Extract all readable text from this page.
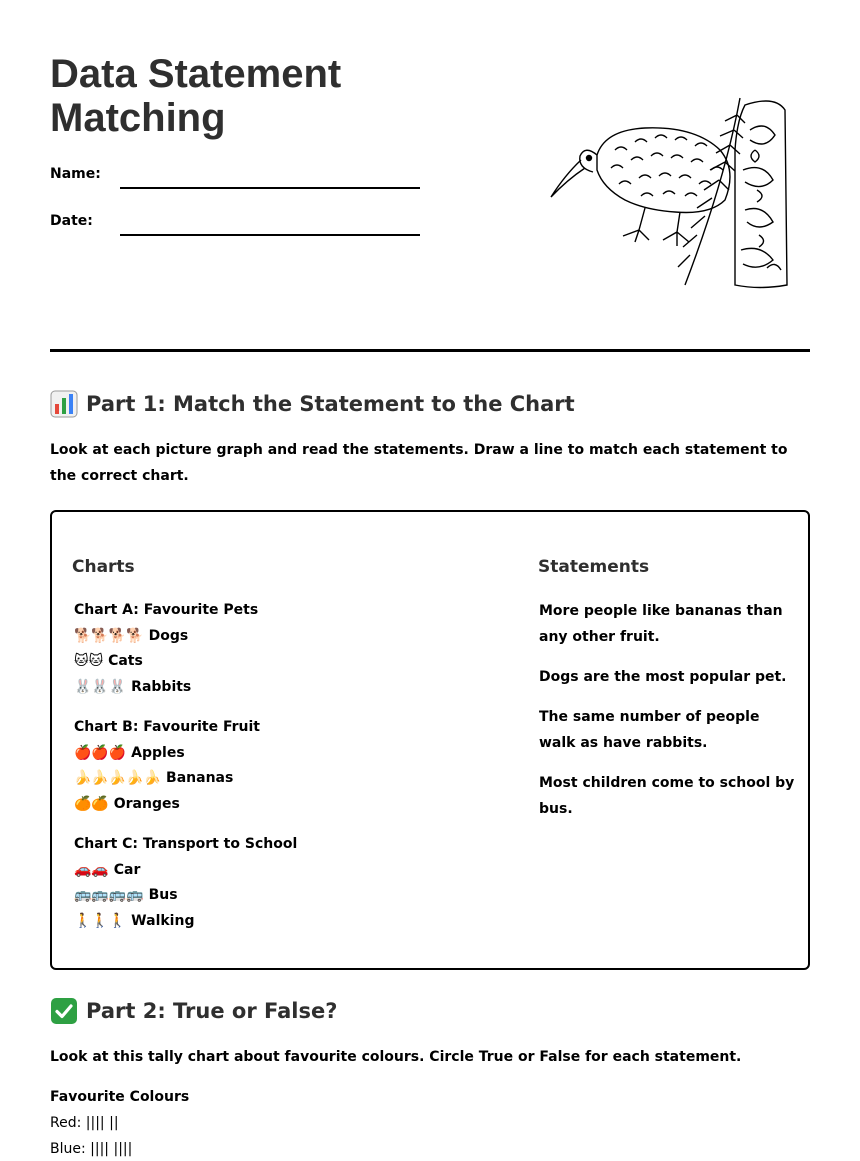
Data Statement Matching
Name:
Date:
Part 1: Match the Statement to the Chart
Look at each picture graph and read the statements. Draw a line to match each statement to the correct chart.
Charts	Statements
Chart A: Favourite Pets
🐕🐕🐕🐕 Dogs
🐱🐱 Cats
🐰🐰🐰 Rabbits
Chart B: Favourite Fruit
🍎🍎🍎 Apples
🍌🍌🍌🍌🍌 Bananas
🍊🍊 Oranges
Chart C: Transport to School
🚗🚗 Car
🚌🚌🚌🚌 Bus
🚶🚶🚶 Walking
More people like bananas than any other fruit.
Dogs are the most popular pet.
The same number of people walk as have rabbits.
Most children come to school by bus.
Part 2: True or False?
Look at this tally chart about favourite colours. Circle True or False for each statement.
Favourite Colours
Red: |||| ||
Blue: |||| ||||
